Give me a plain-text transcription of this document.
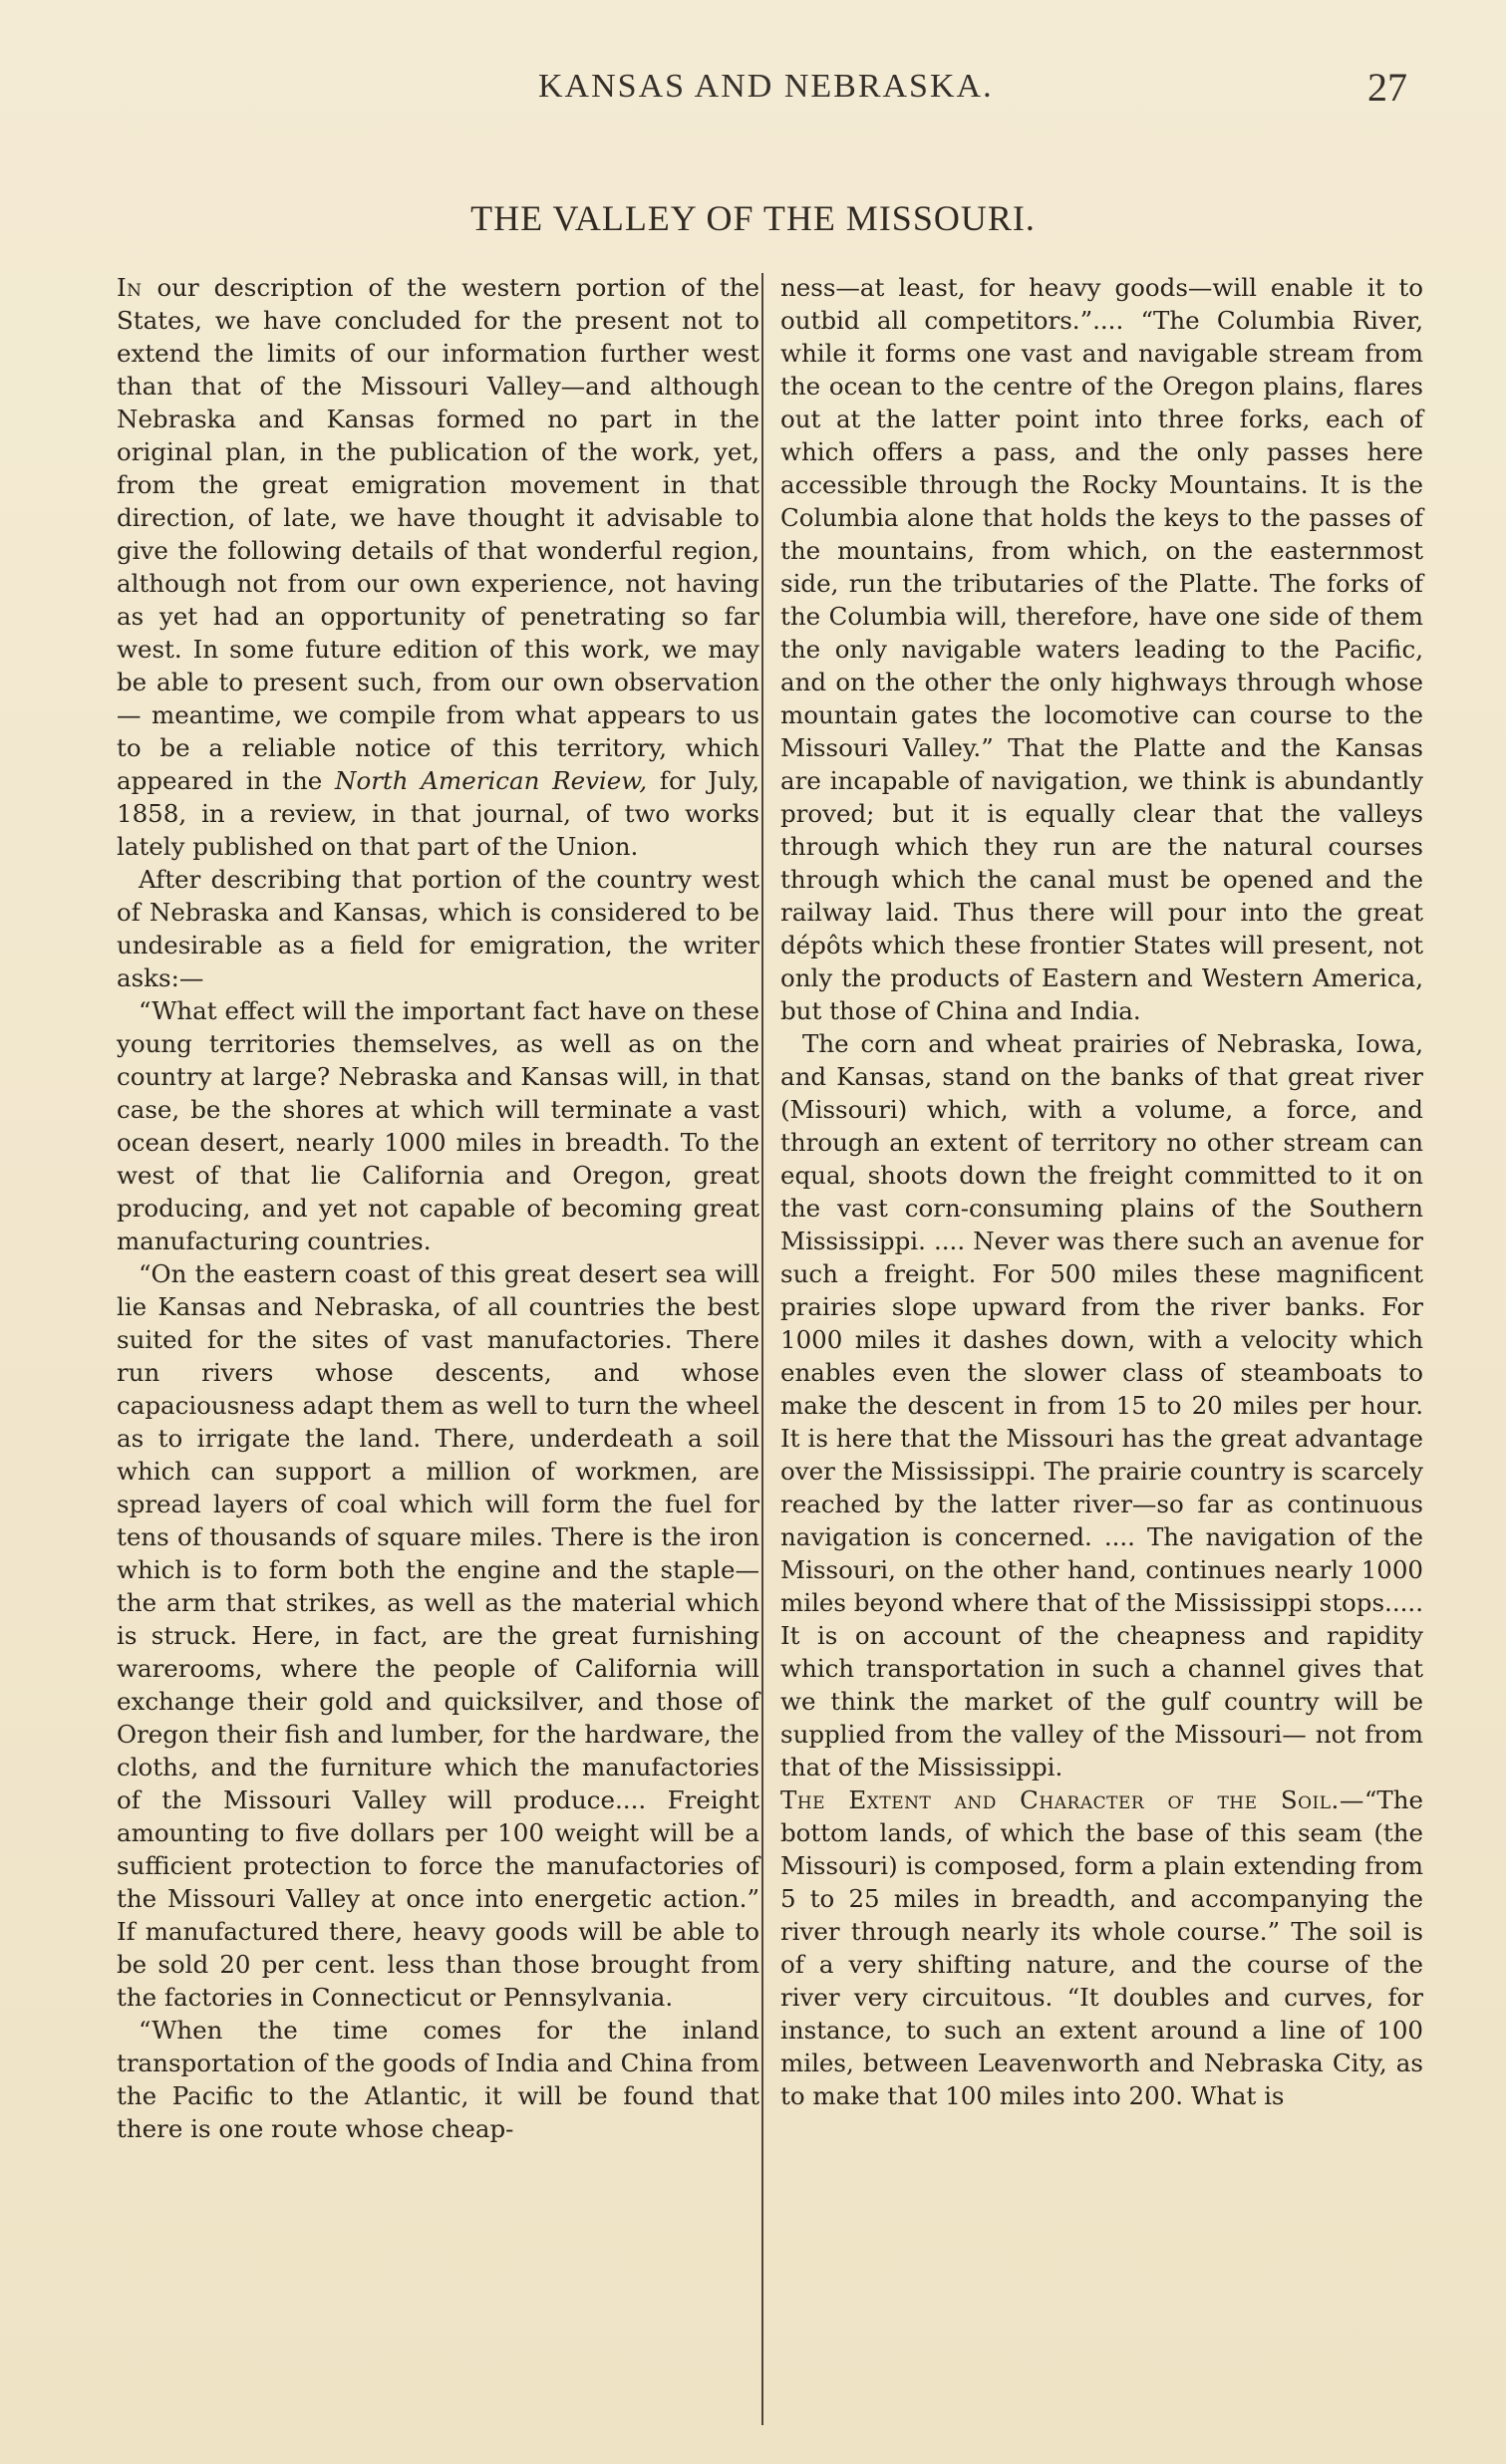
KANSAS AND NEBRASKA.	27
THE VALLEY OF THE MISSOURI.

In our description of the western portion of the States, we have concluded for the present not to extend the limits of our information further west than that of the Missouri Valley—and although Nebraska and Kansas formed no part in the original plan, in the publication of the work, yet, from the great emigration movement in that direction, of late, we have thought it advisable to give the following details of that wonderful region, although not from our own experience, not having as yet had an opportunity of penetrating so far west. In some future edition of this work, we may be able to present such, from our own observation— meantime, we compile from what appears to us to be a reliable notice of this territory, which appeared in the North American Review, for July, 1858, in a review, in that journal, of two works lately published on that part of the Union.

After describing that portion of the country west of Nebraska and Kansas, which is considered to be undesirable as a field for emigration, the writer asks:—

“What effect will the important fact have on these young territories themselves, as well as on the country at large? Nebraska and Kansas will, in that case, be the shores at which will terminate a vast ocean desert, nearly 1000 miles in breadth. To the west of that lie California and Oregon, great producing, and yet not capable of becoming great manufacturing countries.

“On the eastern coast of this great desert sea will lie Kansas and Nebraska, of all countries the best suited for the sites of vast manufactories. There run rivers whose descents, and whose capaciousness adapt them as well to turn the wheel as to irrigate the land. There, underdeath a soil which can support a million of workmen, are spread layers of coal which will form the fuel for tens of thousands of square miles. There is the iron which is to form both the engine and the staple—the arm that strikes, as well as the material which is struck. Here, in fact, are the great furnishing warerooms, where the people of California will exchange their gold and quicksilver, and those of Oregon their fish and lumber, for the hardware, the cloths, and the furniture which the manufactories of the Missouri Valley will produce.... Freight amounting to five dollars per 100 weight will be a sufficient protection to force the manufactories of the Missouri Valley at once into energetic action.” If manufactured there, heavy goods will be able to be sold 20 per cent. less than those brought from the factories in Connecticut or Pennsylvania.

“When the time comes for the inland transportation of the goods of India and China from the Pacific to the Atlantic, it will be found that there is one route whose cheap-

ness—at least, for heavy goods—will enable it to outbid all competitors.”.... “The Columbia River, while it forms one vast and navigable stream from the ocean to the centre of the Oregon plains, flares out at the latter point into three forks, each of which offers a pass, and the only passes here accessible through the Rocky Mountains. It is the Columbia alone that holds the keys to the passes of the mountains, from which, on the easternmost side, run the tributaries of the Platte. The forks of the Columbia will, therefore, have one side of them the only navigable waters leading to the Pacific, and on the other the only highways through whose mountain gates the locomotive can course to the Missouri Valley.” That the Platte and the Kansas are incapable of navigation, we think is abundantly proved; but it is equally clear that the valleys through which they run are the natural courses through which the canal must be opened and the railway laid. Thus there will pour into the great dépôts which these frontier States will present, not only the products of Eastern and Western America, but those of China and India.

The corn and wheat prairies of Nebraska, Iowa, and Kansas, stand on the banks of that great river (Missouri) which, with a volume, a force, and through an extent of territory no other stream can equal, shoots down the freight committed to it on the vast corn-consuming plains of the Southern Mississippi. .... Never was there such an avenue for such a freight. For 500 miles these magnificent prairies slope upward from the river banks. For 1000 miles it dashes down, with a velocity which enables even the slower class of steamboats to make the descent in from 15 to 20 miles per hour. It is here that the Missouri has the great advantage over the Mississippi. The prairie country is scarcely reached by the latter river—so far as continuous navigation is concerned. .... The navigation of the Missouri, on the other hand, continues nearly 1000 miles beyond where that of the Mississippi stops..... It is on account of the cheapness and rapidity which transportation in such a channel gives that we think the market of the gulf country will be supplied from the valley of the Missouri— not from that of the Mississippi.

The Extent and Character of the Soil.—“The bottom lands, of which the base of this seam (the Missouri) is composed, form a plain extending from 5 to 25 miles in breadth, and accompanying the river through nearly its whole course.” The soil is of a very shifting nature, and the course of the river very circuitous. “It doubles and curves, for instance, to such an extent around a line of 100 miles, between Leavenworth and Nebraska City, as to make that 100 miles into 200. What is
